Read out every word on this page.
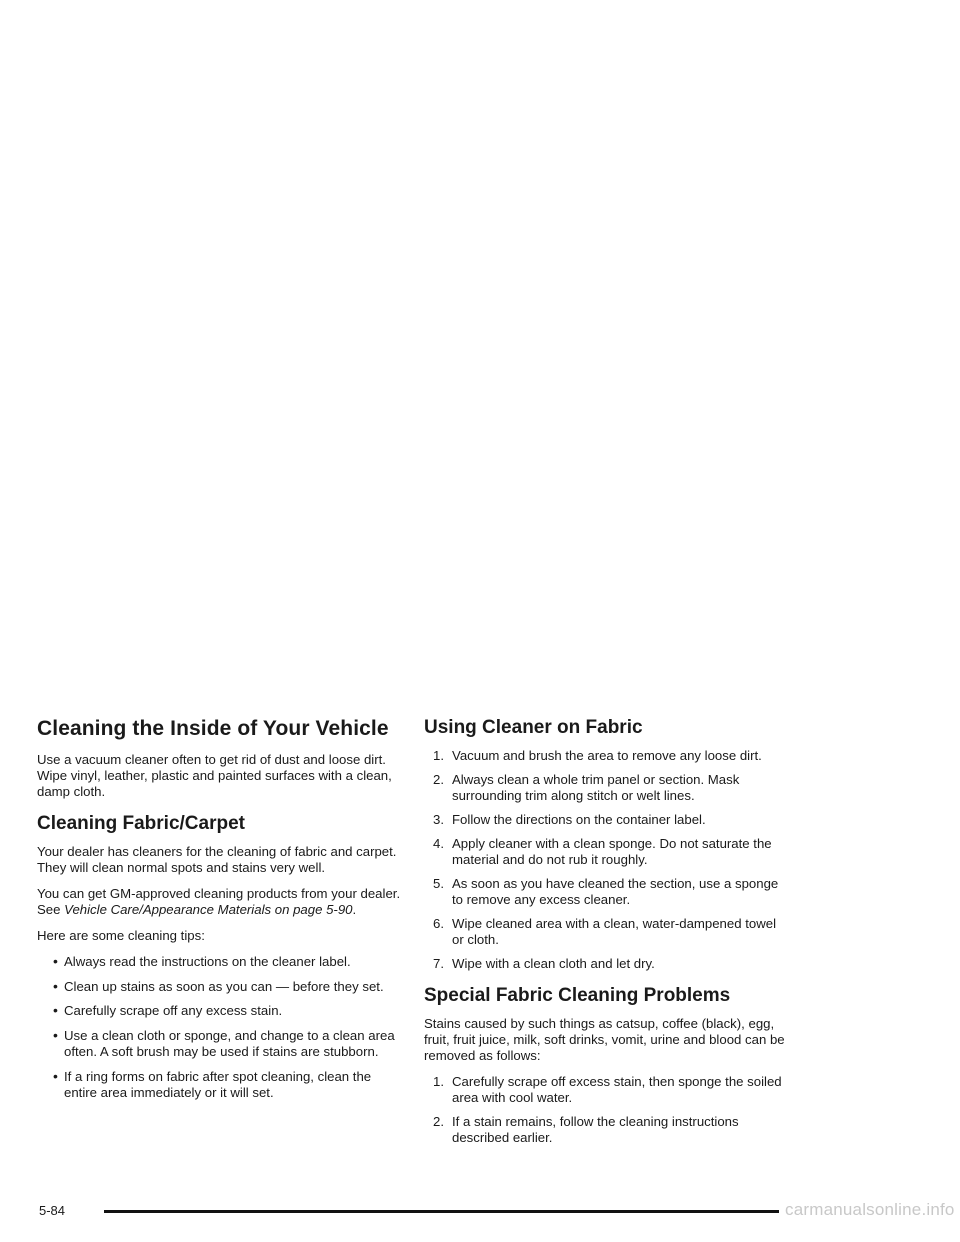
Cleaning the Inside of Your Vehicle

Use a vacuum cleaner often to get rid of dust and loose dirt. Wipe vinyl, leather, plastic and painted surfaces with a clean, damp cloth.

Cleaning Fabric/Carpet

Your dealer has cleaners for the cleaning of fabric and carpet. They will clean normal spots and stains very well.

You can get GM-approved cleaning products from your dealer. See Vehicle Care/Appearance Materials on page 5-90.

Here are some cleaning tips:

• Always read the instructions on the cleaner label.
• Clean up stains as soon as you can — before they set.
• Carefully scrape off any excess stain.
• Use a clean cloth or sponge, and change to a clean area often. A soft brush may be used if stains are stubborn.
• If a ring forms on fabric after spot cleaning, clean the entire area immediately or it will set.
Using Cleaner on Fabric
1. Vacuum and brush the area to remove any loose dirt.
2. Always clean a whole trim panel or section. Mask surrounding trim along stitch or welt lines.
3. Follow the directions on the container label.
4. Apply cleaner with a clean sponge. Do not saturate the material and do not rub it roughly.
5. As soon as you have cleaned the section, use a sponge to remove any excess cleaner.
6. Wipe cleaned area with a clean, water-dampened towel or cloth.
7. Wipe with a clean cloth and let dry.
Special Fabric Cleaning Problems

Stains caused by such things as catsup, coffee (black), egg, fruit, fruit juice, milk, soft drinks, vomit, urine and blood can be removed as follows:

1. Carefully scrape off excess stain, then sponge the soiled area with cool water.
2. If a stain remains, follow the cleaning instructions described earlier.
5-84	carmanualsonline.info
